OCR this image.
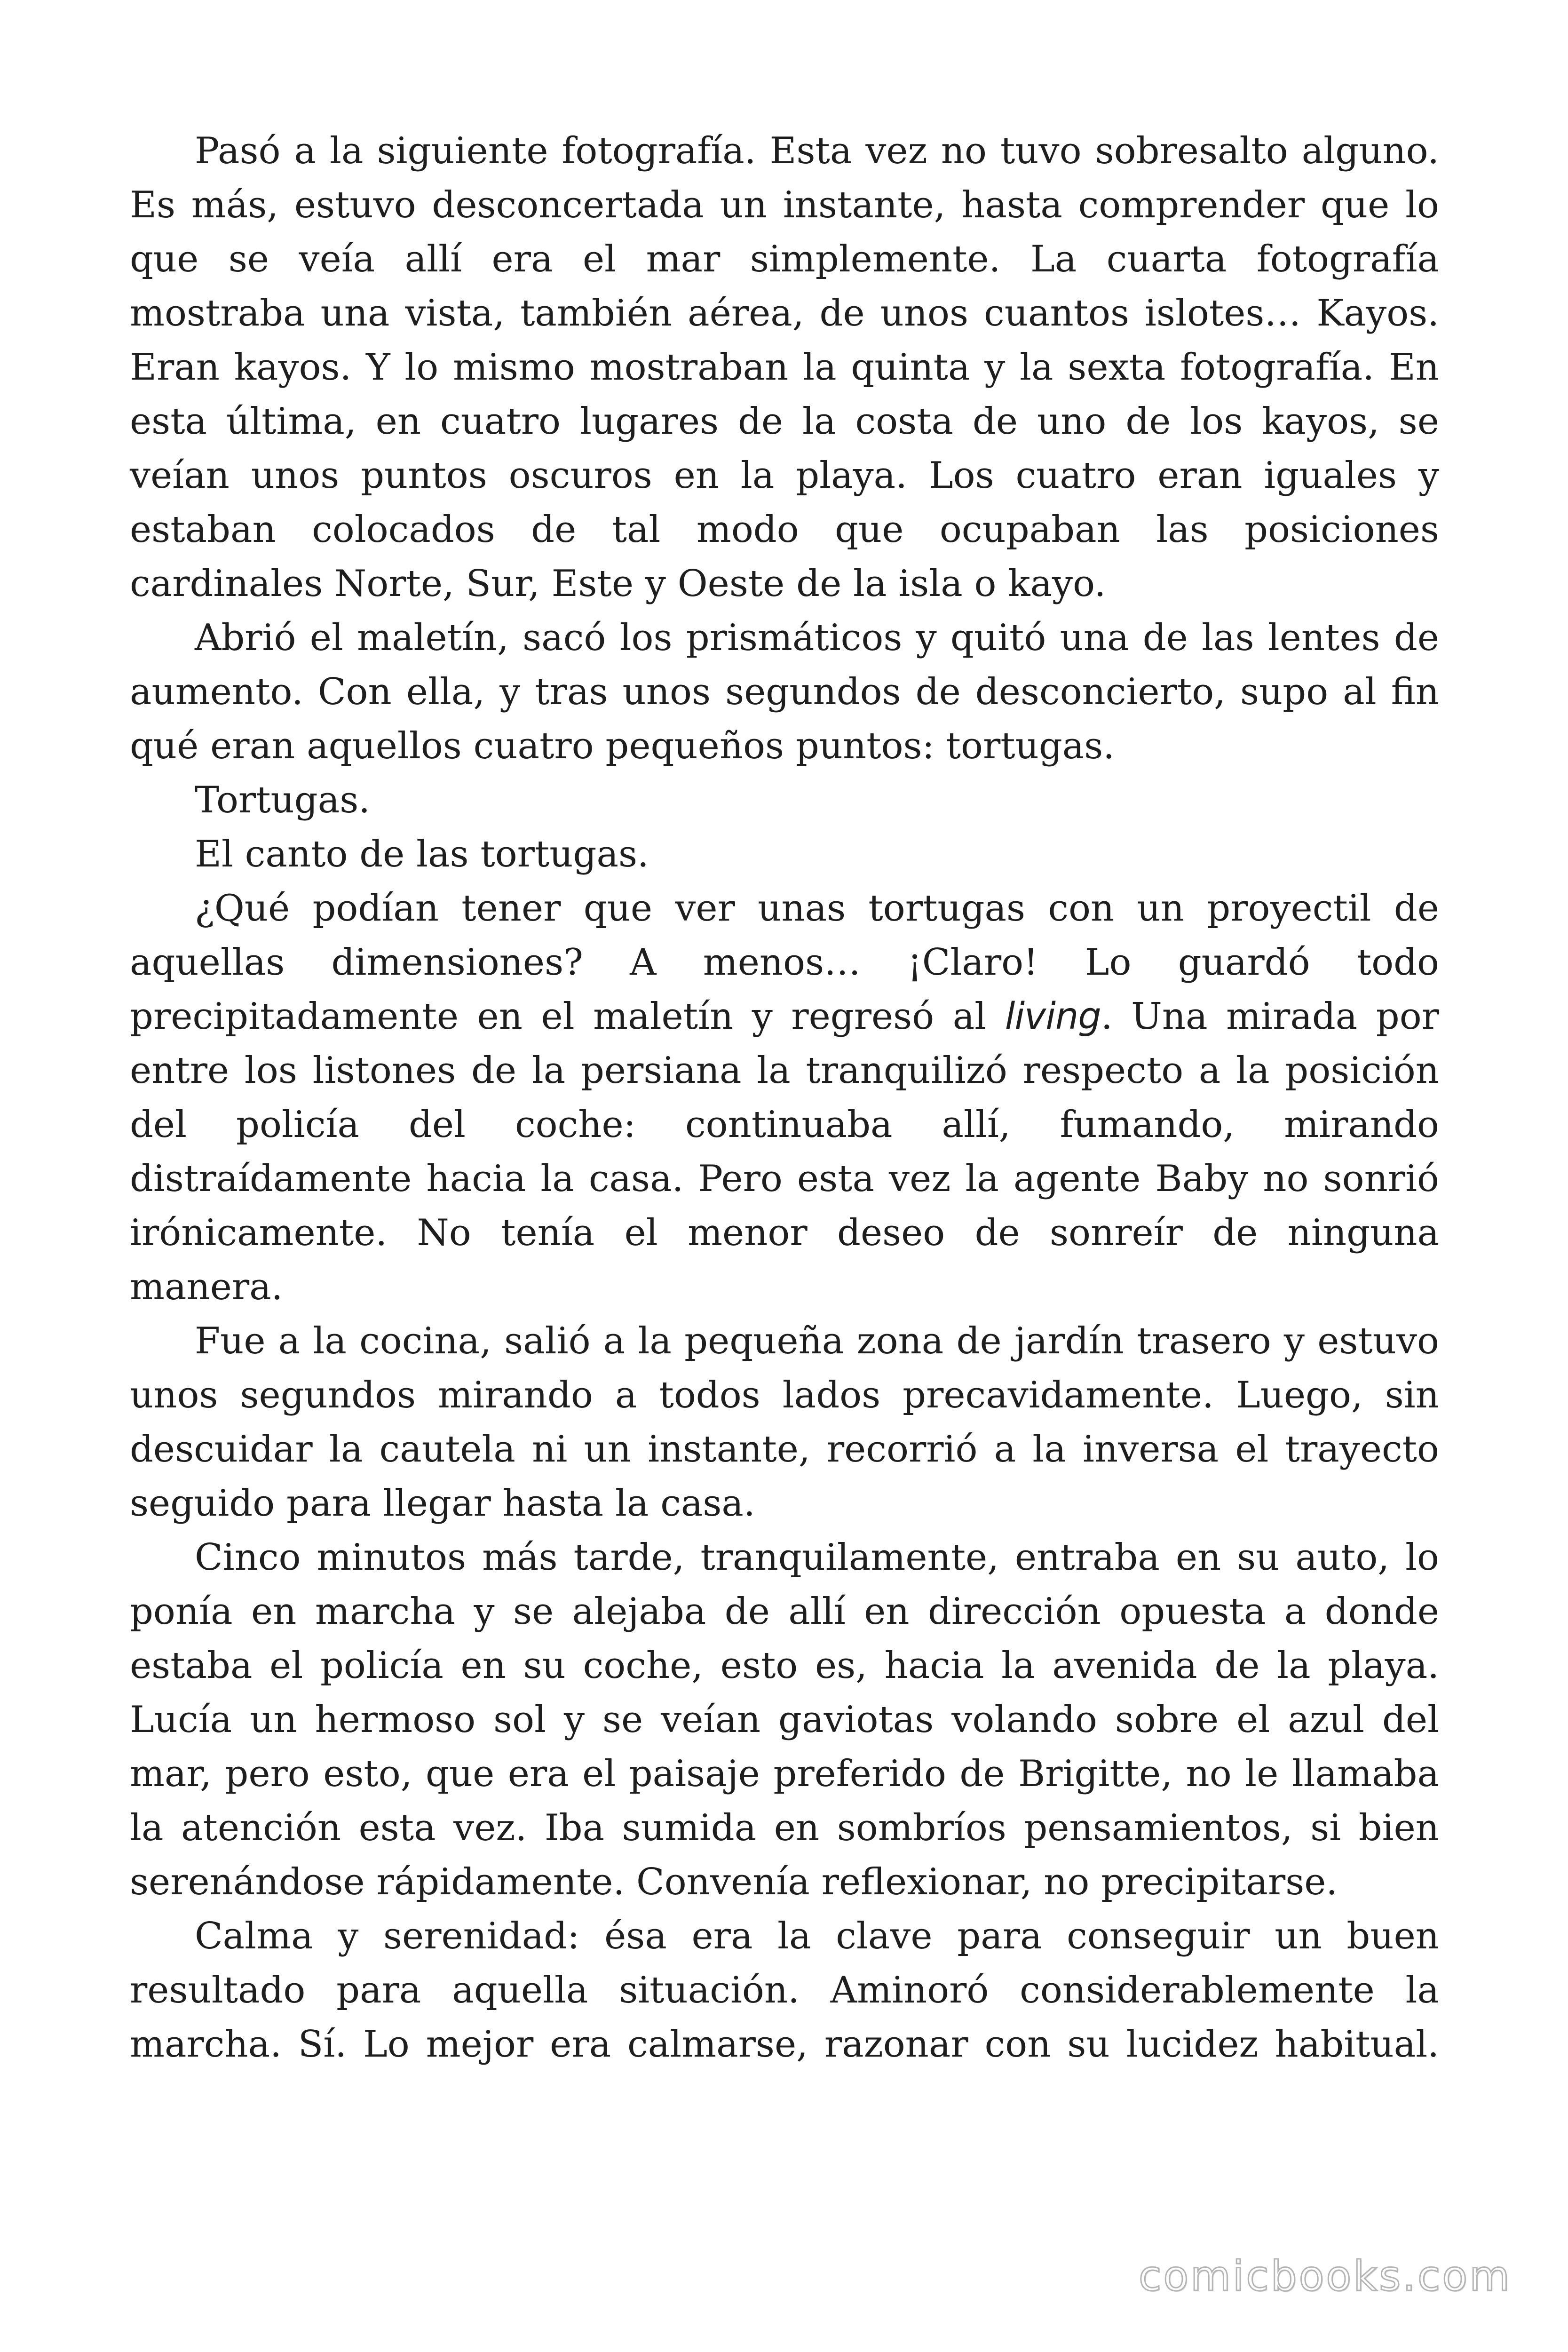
Pasó a la siguiente fotografía. Esta vez no tuvo sobresalto alguno. Es más, estuvo desconcertada un instante, hasta comprender que lo que se veía allí era el mar simplemente. La cuarta fotografía mostraba una vista, también aérea, de unos cuantos islotes… Kayos. Eran kayos. Y lo mismo mostraban la quinta y la sexta fotografía. En esta última, en cuatro lugares de la costa de uno de los kayos, se veían unos puntos oscuros en la playa. Los cuatro eran iguales y estaban colocados de tal modo que ocupaban las posiciones cardinales Norte, Sur, Este y Oeste de la isla o kayo.

Abrió el maletín, sacó los prismáticos y quitó una de las lentes de aumento. Con ella, y tras unos segundos de desconcierto, supo al fin qué eran aquellos cuatro pequeños puntos: tortugas.

Tortugas.

El canto de las tortugas.

¿Qué podían tener que ver unas tortugas con un proyectil de aquellas dimensiones? A menos… ¡Claro! Lo guardó todo precipitadamente en el maletín y regresó al living. Una mirada por entre los listones de la persiana la tranquilizó respecto a la posición del policía del coche: continuaba allí, fumando, mirando distraídamente hacia la casa. Pero esta vez la agente Baby no sonrió irónicamente. No tenía el menor deseo de sonreír de ninguna manera.

Fue a la cocina, salió a la pequeña zona de jardín trasero y estuvo unos segundos mirando a todos lados precavidamente. Luego, sin descuidar la cautela ni un instante, recorrió a la inversa el trayecto seguido para llegar hasta la casa.

Cinco minutos más tarde, tranquilamente, entraba en su auto, lo ponía en marcha y se alejaba de allí en dirección opuesta a donde estaba el policía en su coche, esto es, hacia la avenida de la playa. Lucía un hermoso sol y se veían gaviotas volando sobre el azul del mar, pero esto, que era el paisaje preferido de Brigitte, no le llamaba la atención esta vez. Iba sumida en sombríos pensamientos, si bien serenándose rápidamente. Convenía reflexionar, no precipitarse.

Calma y serenidad: ésa era la clave para conseguir un buen resultado para aquella situación. Aminoró considerablemente la marcha. Sí. Lo mejor era calmarse, razonar con su lucidez habitual.

comicbooks.com
